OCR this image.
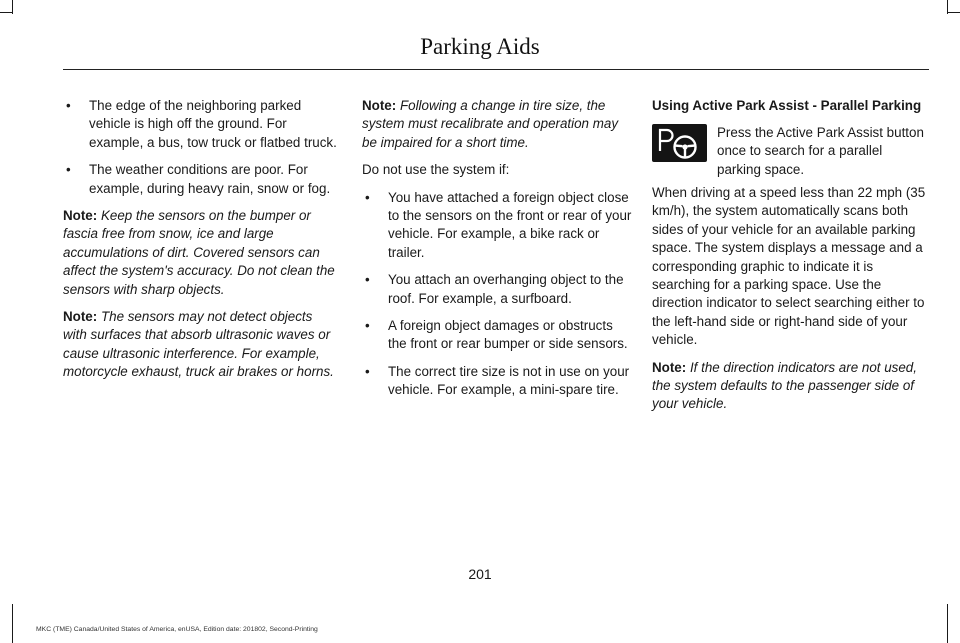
Parking Aids
• The edge of the neighboring parked vehicle is high off the ground. For example, a bus, tow truck or flatbed truck.
• The weather conditions are poor. For example, during heavy rain, snow or fog.

Note: Keep the sensors on the bumper or fascia free from snow, ice and large accumulations of dirt. Covered sensors can affect the system's accuracy. Do not clean the sensors with sharp objects.

Note: The sensors may not detect objects with surfaces that absorb ultrasonic waves or cause ultrasonic interference. For example, motorcycle exhaust, truck air brakes or horns.

Note: Following a change in tire size, the system must recalibrate and operation may be impaired for a short time.

Do not use the system if:

• You have attached a foreign object close to the sensors on the front or rear of your vehicle. For example, a bike rack or trailer.
• You attach an overhanging object to the roof. For example, a surfboard.
• A foreign object damages or obstructs the front or rear bumper or side sensors.
• The correct tire size is not in use on your vehicle. For example, a mini-spare tire.
Using Active Park Assist - Parallel Parking
Press the Active Park Assist button once to search for a parallel parking space.

When driving at a speed less than 22 mph (35 km/h), the system automatically scans both sides of your vehicle for an available parking space. The system displays a message and a corresponding graphic to indicate it is searching for a parking space. Use the direction indicator to select searching either to the left-hand side or right-hand side of your vehicle.

Note: If the direction indicators are not used, the system defaults to the passenger side of your vehicle.

201
MKC (TME) Canada/United States of America, enUSA, Edition date: 201802, Second-Printing
